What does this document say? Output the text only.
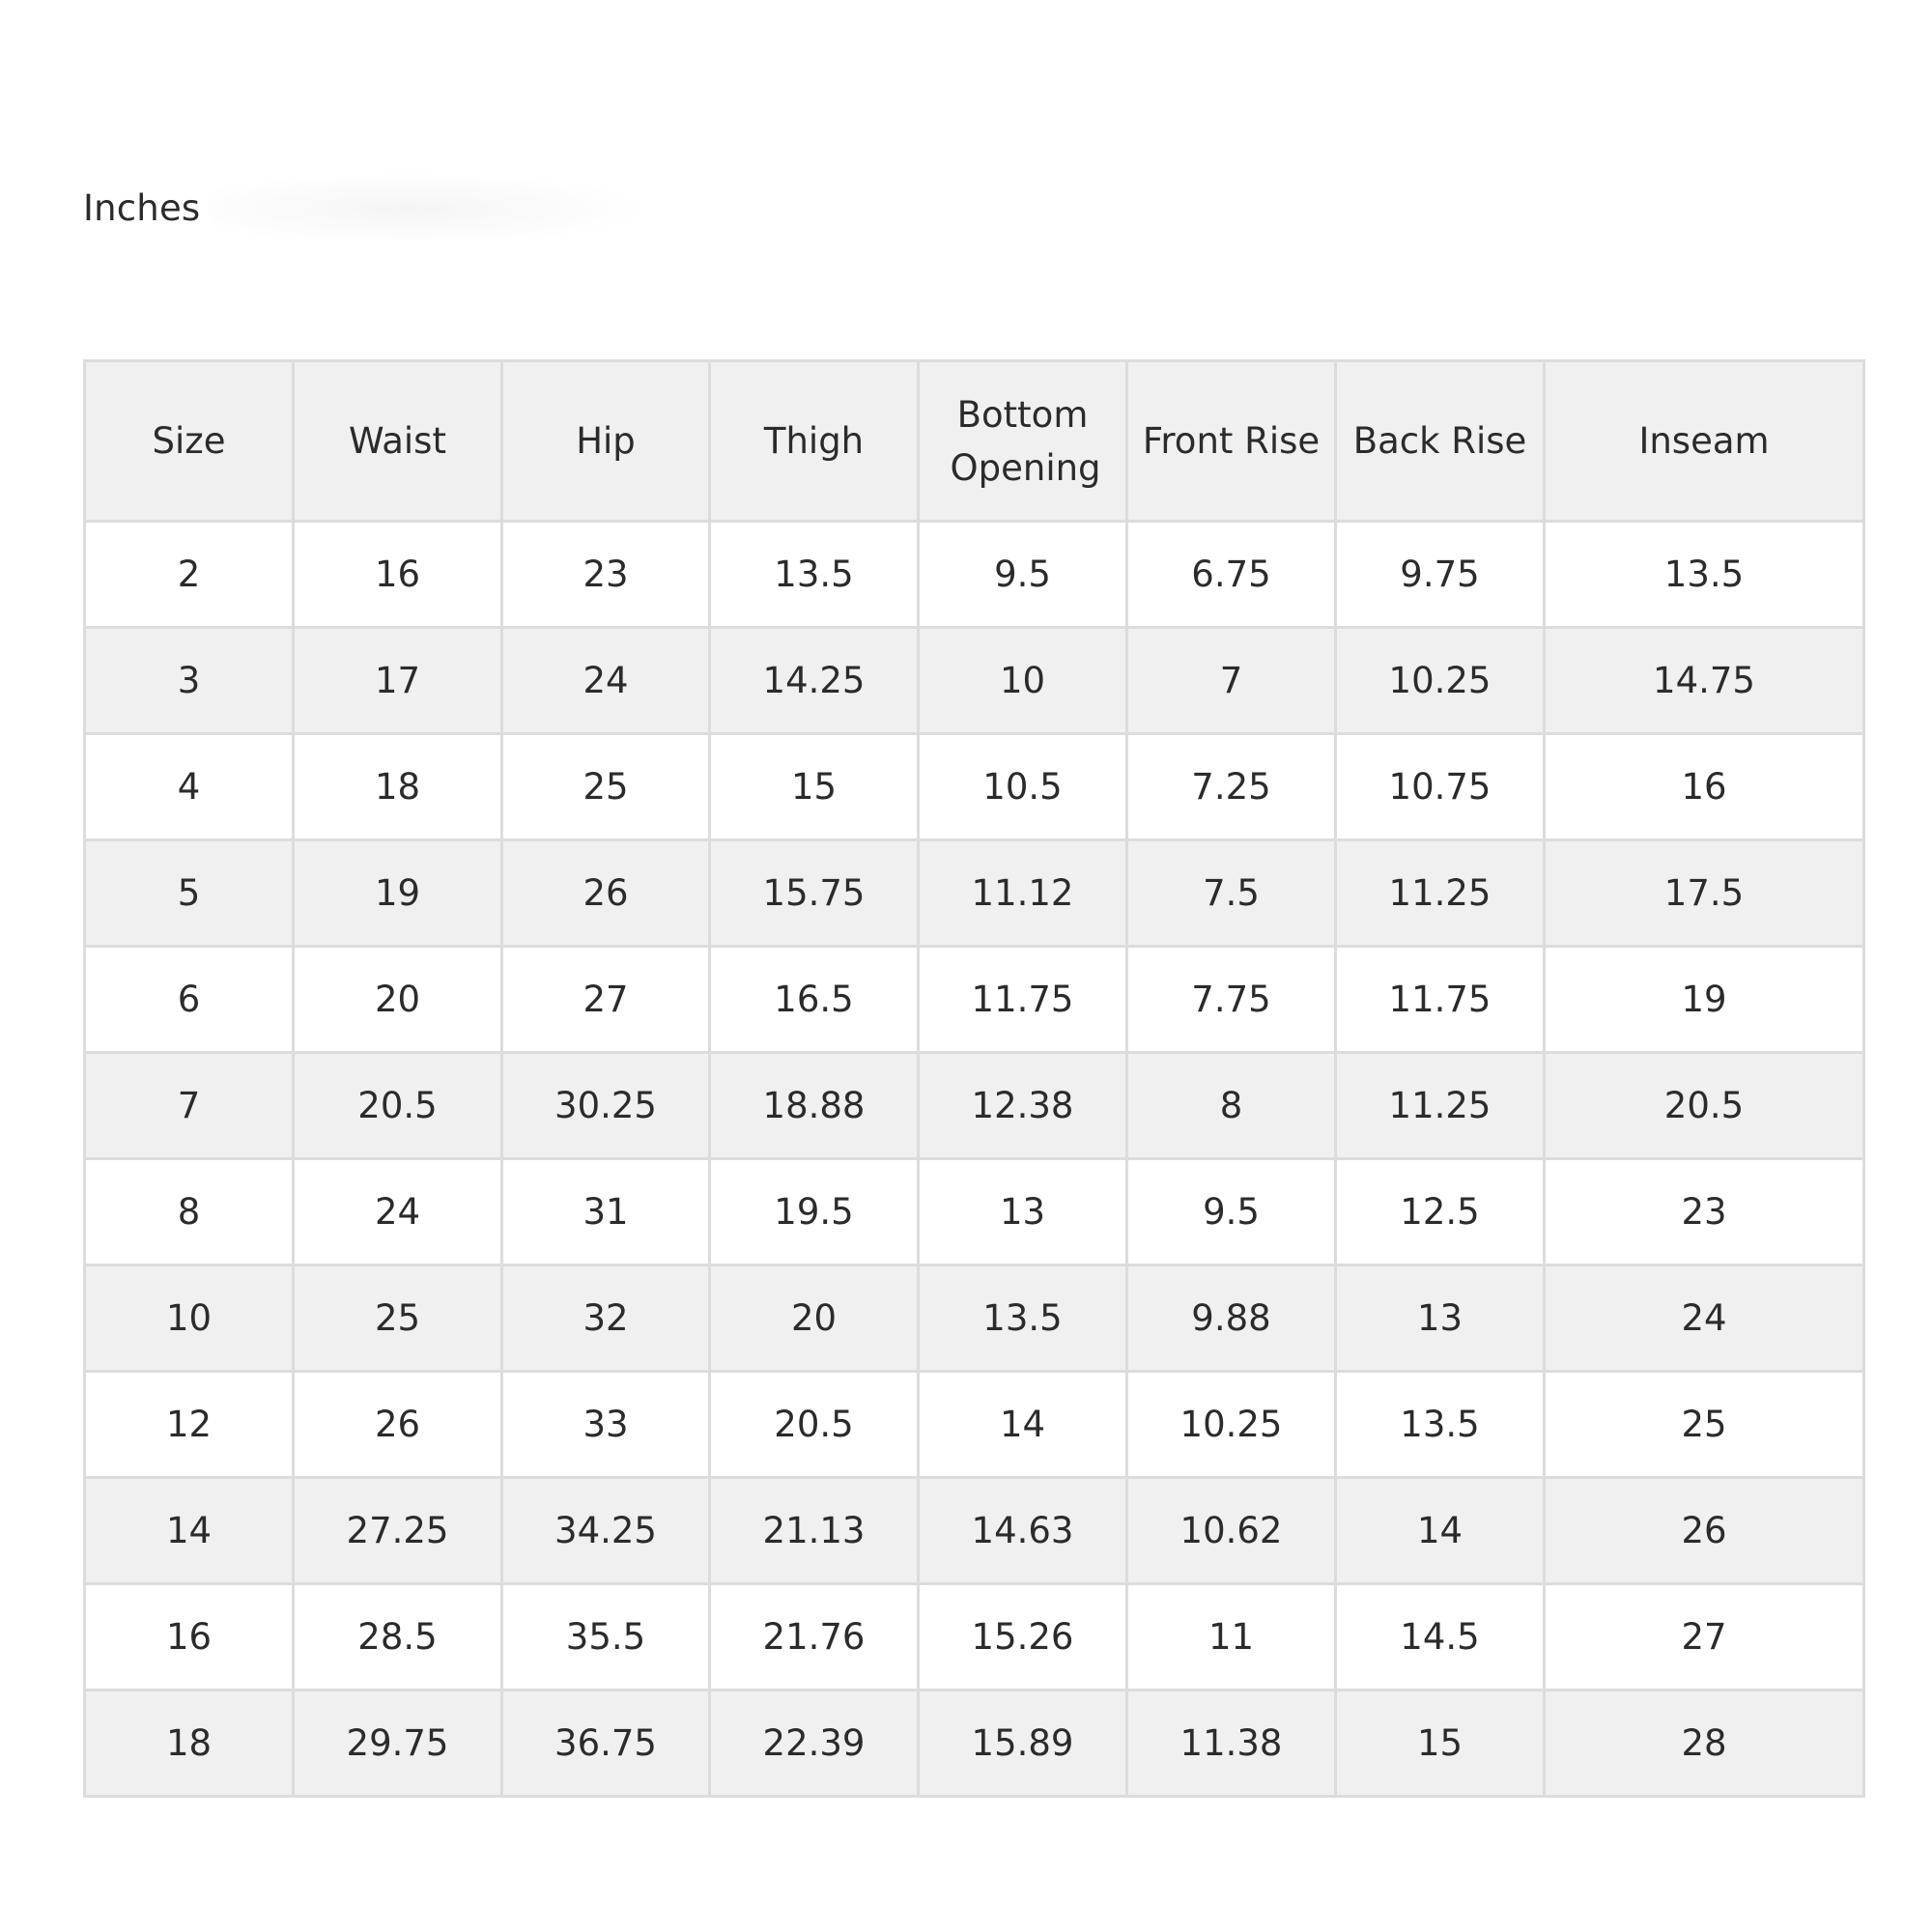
Inches
Size	Waist	Hip	Thigh	Bottom Opening	Front Rise	Back Rise	Inseam
2	16	23	13.5	9.5	6.75	9.75	13.5
3	17	24	14.25	10	7	10.25	14.75
4	18	25	15	10.5	7.25	10.75	16
5	19	26	15.75	11.12	7.5	11.25	17.5
6	20	27	16.5	11.75	7.75	11.75	19
7	20.5	30.25	18.88	12.38	8	11.25	20.5
8	24	31	19.5	13	9.5	12.5	23
10	25	32	20	13.5	9.88	13	24
12	26	33	20.5	14	10.25	13.5	25
14	27.25	34.25	21.13	14.63	10.62	14	26
16	28.5	35.5	21.76	15.26	11	14.5	27
18	29.75	36.75	22.39	15.89	11.38	15	28
